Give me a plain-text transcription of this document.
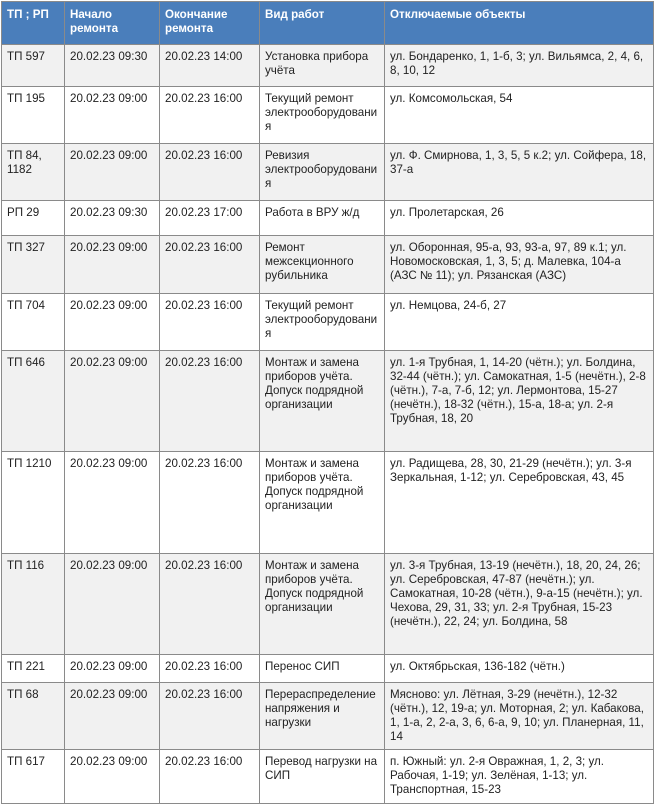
ТП ; РП	Начало ремонта	Окончание ремонта	Вид работ	Отключаемые объекты
ТП 597	20.02.23 09:30	20.02.23 14:00	Установка прибора учёта	ул. Бондаренко, 1, 1-б, 3; ул. Вильямса, 2, 4, 6, 8, 10, 12
ТП 195	20.02.23 09:00	20.02.23 16:00	Текущий ремонт электрооборудования	ул. Комсомольская, 54
ТП 84, 1182	20.02.23 09:00	20.02.23 16:00	Ревизия электрооборудования	ул. Ф. Смирнова, 1, 3, 5, 5 к.2; ул. Сойфера, 18, 37-а
РП 29	20.02.23 09:30	20.02.23 17:00	Работа в ВРУ ж/д	ул. Пролетарская, 26
ТП 327	20.02.23 09:00	20.02.23 16:00	Ремонт межсекционного рубильника	ул. Оборонная, 95-а, 93, 93-а, 97, 89 к.1; ул. Новомосковская, 1, 3, 5; д. Малевка, 104-а (АЗС № 11); ул. Рязанская (АЗС)
ТП 704	20.02.23 09:00	20.02.23 16:00	Текущий ремонт электрооборудования	ул. Немцова, 24-б, 27
ТП 646	20.02.23 09:00	20.02.23 16:00	Монтаж и замена приборов учёта. Допуск подрядной организации	ул. 1-я Трубная, 1, 14-20 (чётн.); ул. Болдина, 32-44 (чётн.); ул. Самокатная, 1-5 (нечётн.), 2-8 (чётн.), 7-а, 7-б, 12; ул. Лермонтова, 15-27 (нечётн.), 18-32 (чётн.), 15-а, 18-а; ул. 2-я Трубная, 18, 20
ТП 1210	20.02.23 09:00	20.02.23 16:00	Монтаж и замена приборов учёта. Допуск подрядной организации	ул. Радищева, 28, 30, 21-29 (нечётн.); ул. 3-я Зеркальная, 1-12; ул. Серебровская, 43, 45
ТП 116	20.02.23 09:00	20.02.23 16:00	Монтаж и замена приборов учёта. Допуск подрядной организации	ул. 3-я Трубная, 13-19 (нечётн.), 18, 20, 24, 26; ул. Серебровская, 47-87 (нечётн.); ул. Самокатная, 10-28 (чётн.), 9-а-15 (нечётн.); ул. Чехова, 29, 31, 33; ул. 2-я Трубная, 15-23 (нечётн.), 22, 24; ул. Болдина, 58
ТП 221	20.02.23 09:00	20.02.23 16:00	Перенос СИП	ул. Октябрьская, 136-182 (чётн.)
ТП 68	20.02.23 09:00	20.02.23 16:00	Перераспределение напряжения и нагрузки	Мясново: ул. Лётная, 3-29 (нечётн.), 12-32 (чётн.), 12, 19-а; ул. Моторная, 2; ул. Кабакова, 1, 1-а, 2, 2-а, 3, 6, 6-а, 9, 10; ул. Планерная, 11, 14
ТП 617	20.02.23 09:00	20.02.23 16:00	Перевод нагрузки на СИП	п. Южный: ул. 2-я Овражная, 1, 2, 3; ул. Рабочая, 1-19; ул. Зелёная, 1-13; ул. Транспортная, 15-23
